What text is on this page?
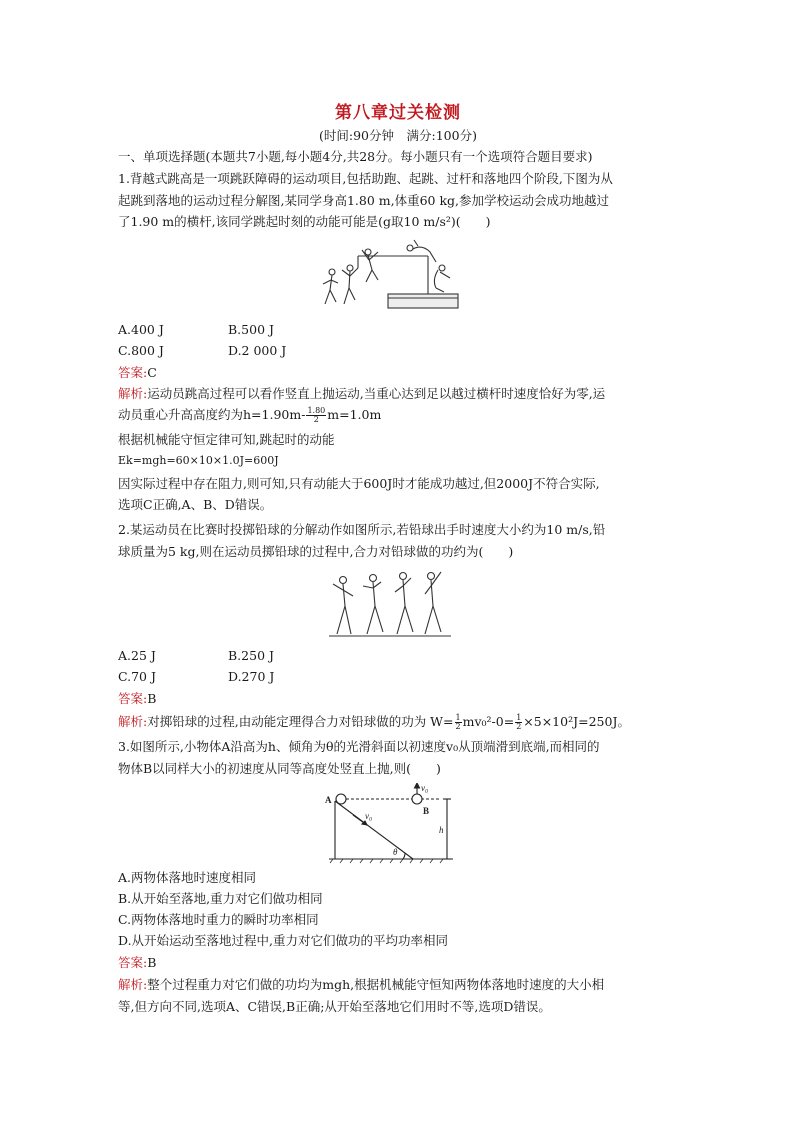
第八章过关检测
(时间:90分钟　满分:100分)
一、单项选择题(本题共7小题,每小题4分,共28分。每小题只有一个选项符合题目要求)
1.背越式跳高是一项跳跃障碍的运动项目,包括助跑、起跳、过杆和落地四个阶段,下图为从
起跳到落地的运动过程分解图,某同学身高1.80 m,体重60 kg,参加学校运动会成功地越过
了1.90 m的横杆,该同学跳起时刻的动能可能是(g取10 m/s²)(　　)
A.400 J	B.500 J
C.800 J	D.2 000 J
答案:C
解析:运动员跳高过程可以看作竖直上抛运动,当重心达到足以越过横杆时速度恰好为零,运
动员重心升高高度约为$h=1.90m- \frac{1.80}{2} m=1.0m$
根据机械能守恒定律可知,跳起时的动能
Ek=mgh=60×10×1.0J=600J
因实际过程中存在阻力,则可知,只有动能大于600J时才能成功越过,但2000J不符合实际,
选项C正确,A、B、D错误。
2.某运动员在比赛时投掷铅球的分解动作如图所示,若铅球出手时速度大小约为10 m/s,铅
球质量为5 kg,则在运动员掷铅球的过程中,合力对铅球做的功约为(　　)
A.25 J	B.250 J
C.70 J	D.270 J
答案:B
解析:对掷铅球的过程,由动能定理得合力对铅球做的功为 $W= \frac{1}{2} mv_0^2-0= \frac{1}{2} \times 5\times 10^2J=250J$。
3.如图所示,小物体A沿高为h、倾角为θ的光滑斜面以初速度v₀从顶端滑到底端,而相同的
物体B以同样大小的初速度从同等高度处竖直上抛,则(　　)
A
B
v₀
v₀
h
θ
A.两物体落地时速度相同
B.从开始至落地,重力对它们做功相同
C.两物体落地时重力的瞬时功率相同
D.从开始运动至落地过程中,重力对它们做功的平均功率相同
答案:B
解析:整个过程重力对它们做的功均为mgh,根据机械能守恒知两物体落地时速度的大小相
等,但方向不同,选项A、C错误,B正确;从开始至落地它们用时不等,选项D错误。
